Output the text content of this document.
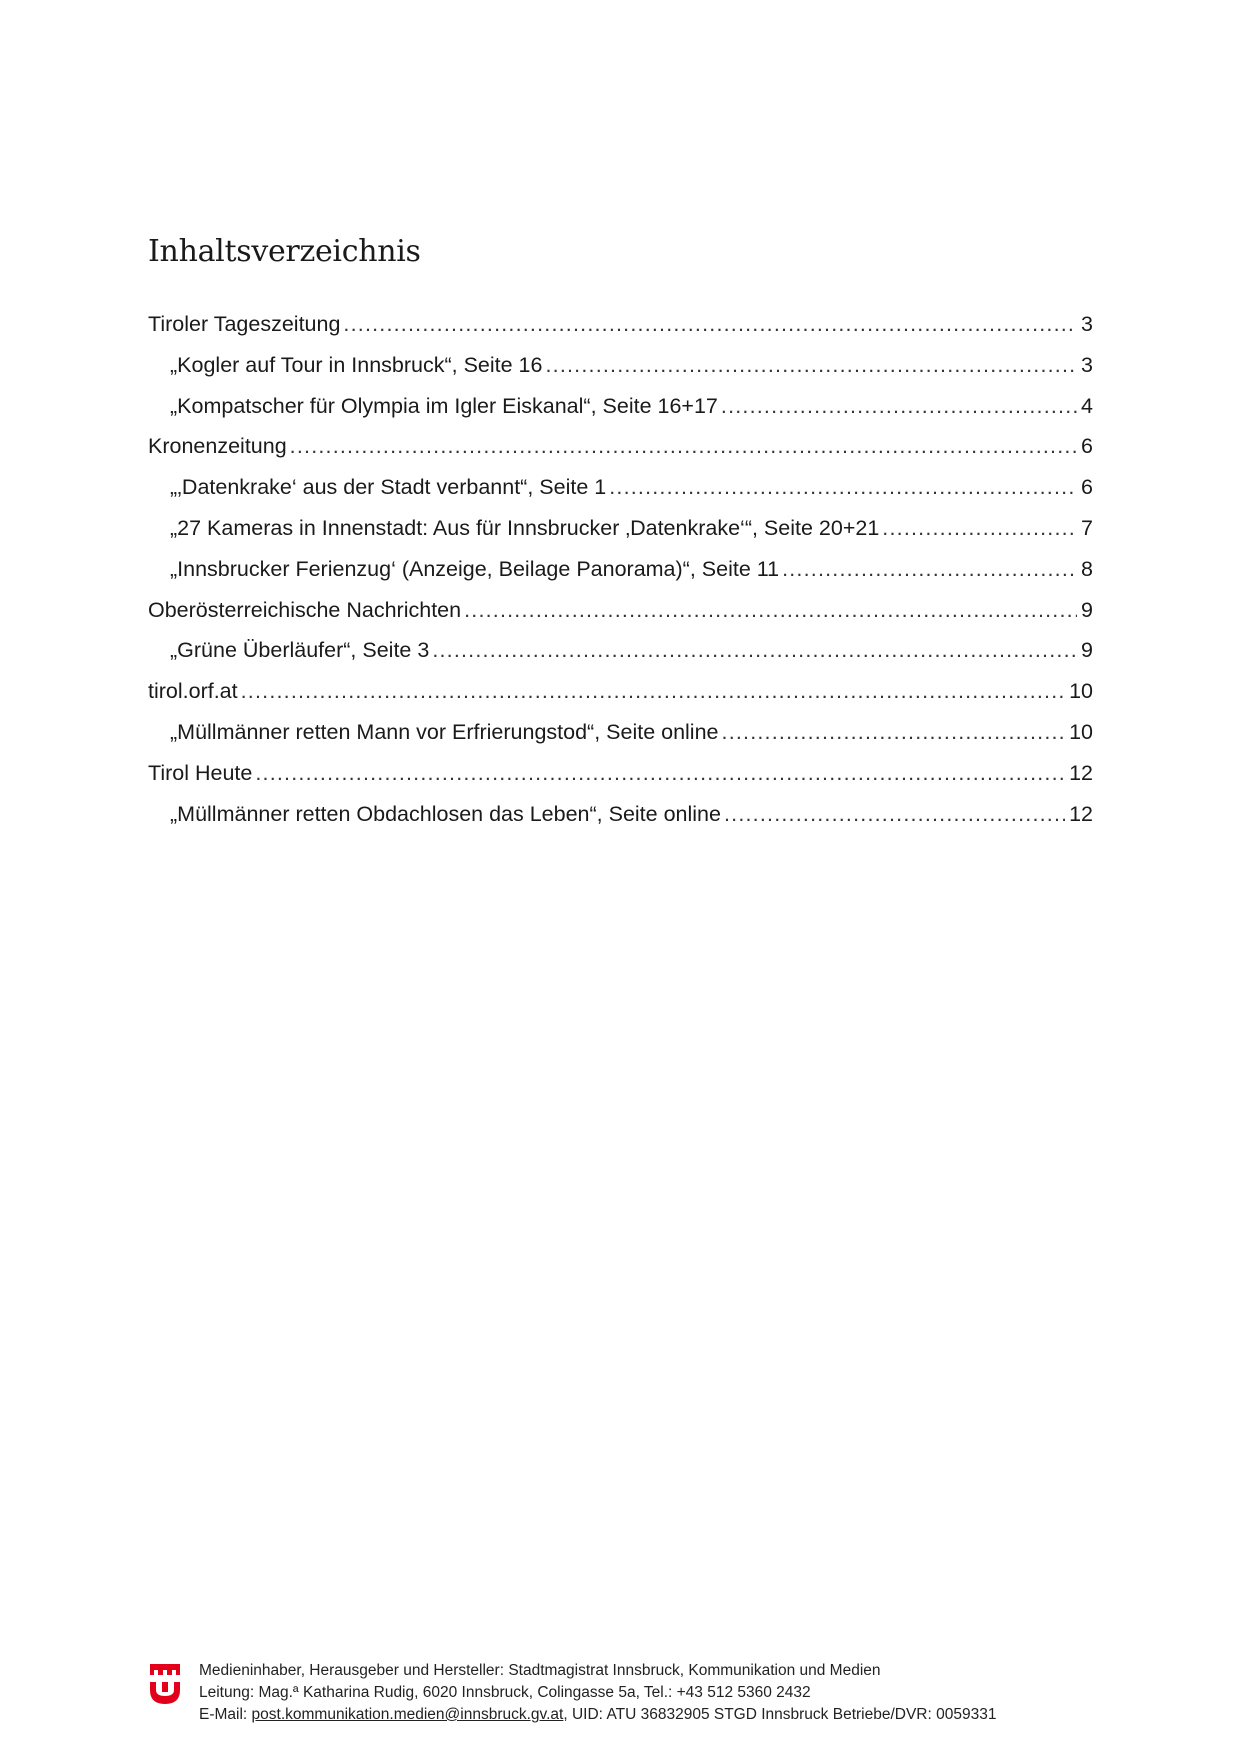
Inhaltsverzeichnis
Tiroler Tageszeitung .....	3
„Kogler auf Tour in Innsbruck“, Seite 16 .....	3
„Kompatscher für Olympia im Igler Eiskanal“, Seite 16+17 .....	4
Kronenzeitung .....	6
„‚Datenkrake‘ aus der Stadt verbannt“, Seite 1 .....	6
„27 Kameras in Innenstadt: Aus für Innsbrucker ‚Datenkrake‘“, Seite 20+21 .....	7
„Innsbrucker Ferienzug‘ (Anzeige, Beilage Panorama)“, Seite 11 .....	8
Oberösterreichische Nachrichten .....	9
„Grüne Überläufer“, Seite 3 .....	9
tirol.orf.at .....	10
„Müllmänner retten Mann vor Erfrierungstod“, Seite online .....	10
Tirol Heute .....	12
„Müllmänner retten Obdachlosen das Leben“, Seite online .....	12
Medieninhaber, Herausgeber und Hersteller: Stadtmagistrat Innsbruck, Kommunikation und Medien
Leitung: Mag.ª Katharina Rudig, 6020 Innsbruck, Colingasse 5a, Tel.: +43 512 5360 2432
E-Mail: post.kommunikation.medien@innsbruck.gv.at, UID: ATU 36832905 STGD Innsbruck Betriebe/DVR: 0059331
